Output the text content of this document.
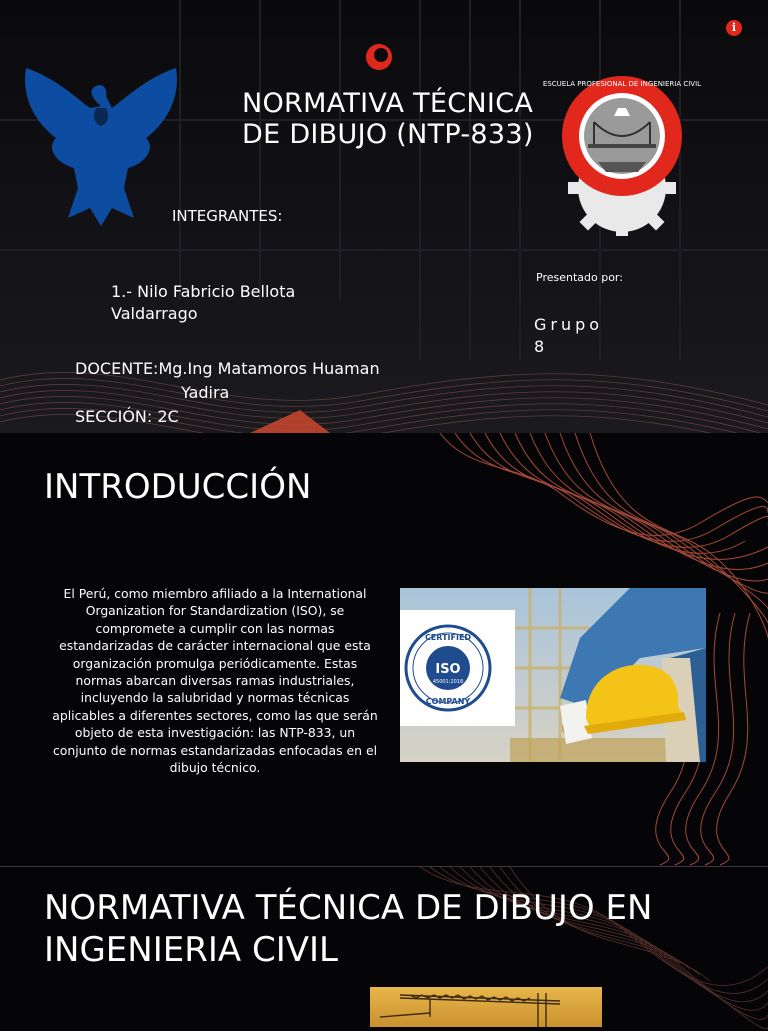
i
NORMATIVA TÉCNICA
DE DIBUJO (NTP-833)
ESCUELA PROFESIONAL DE INGENIERIA CIVIL
INTEGRANTES:
1.- Nilo Fabricio Bellota Valdarrago
Presentado por:
Grupo 8
DOCENTE:Mg.Ing Matamoros Huaman
Yadira
SECCIÓN: 2C
INTRODUCCIÓN
El Perú, como miembro afiliado a la International Organization for Standardization (ISO), se compromete a cumplir con las normas estandarizadas de carácter internacional que esta organización promulga periódicamente. Estas normas abarcan diversas ramas industriales, incluyendo la salubridad y normas técnicas aplicables a diferentes sectores, como las que serán objeto de esta investigación: las NTP-833, un conjunto de normas estandarizadas enfocadas en el dibujo técnico.
CERTIFIED
ISO
45001:2018
COMPANY
NORMATIVA TÉCNICA DE DIBUJO EN INGENIERIA CIVIL
